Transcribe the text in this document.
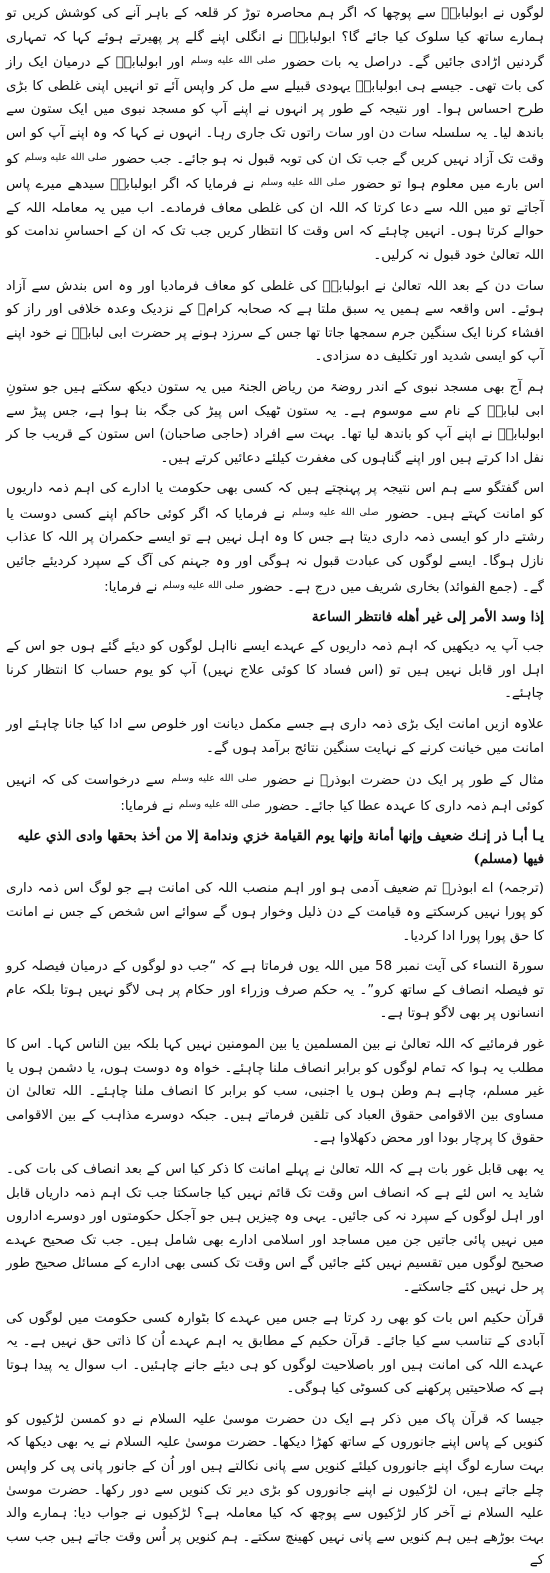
لوگوں نے ابولبابہؓ سے پوچھا کہ اگر ہم محاصرہ توڑ کر قلعہ کے باہر آنے کی کوشش کریں تو ہمارے ساتھ کیا سلوک کیا جائے گا؟ ابولبابہؓ نے انگلی اپنے گلے پر پھیرتے ہوئے کہا کہ تمہاری گردنیں اڑادی جائیں گے۔ دراصل یہ بات حضور $^{صلى الله عليه وسلم}$ اور ابولبابہؓ کے درمیان ایک راز کی بات تھی۔ جیسے ہی ابولبابہؓ یہودی قبیلے سے مل کر واپس آئے تو انہیں اپنی غلطی کا بڑی طرح احساس ہوا۔ اور نتیجہ کے طور پر انہوں نے اپنے آپ کو مسجد نبوی میں ایک ستون سے باندھ لیا۔ یہ سلسلہ سات دن اور سات راتوں تک جاری رہا۔ انہوں نے کہا کہ وہ اپنے آپ کو اس وقت تک آزاد نہیں کریں گے جب تک ان کی توبہ قبول نہ ہو جائے۔ جب حضور $^{صلى الله عليه وسلم}$ کو اس بارے میں معلوم ہوا تو حضور $^{صلى الله عليه وسلم}$ نے فرمایا کہ اگر ابولبابہؓ سیدھے میرے پاس آجاتے تو میں اللہ سے دعا کرتا کہ اللہ ان کی غلطی معاف فرمادے۔ اب میں یہ معاملہ اللہ کے حوالے کرتا ہوں۔ انہیں چاہئے کہ اس وقت کا انتظار کریں جب تک کہ ان کے احساسِ ندامت کو اللہ تعالیٰ خود قبول نہ کرلیں۔

سات دن کے بعد اللہ تعالیٰ نے ابولبابہؓ کی غلطی کو معاف فرمادیا اور وہ اس بندش سے آزاد ہوئے۔ اس واقعہ سے ہمیں یہ سبق ملتا ہے کہ صحابہ کرامؓ کے نزدیک وعدہ خلافی اور راز کو افشاء کرنا ایک سنگین جرم سمجھا جاتا تھا جس کے سرزد ہونے پر حضرت ابی لبابہؓ نے خود اپنے آپ کو ایسی شدید اور تکلیف دہ سزادی۔

ہم آج بھی مسجد نبوی کے اندر روضۃ من ریاض الجنۃ میں یہ ستون دیکھ سکتے ہیں جو ستونِ ابی لبابہؓ کے نام سے موسوم ہے۔ یہ ستون ٹھیک اس پیڑ کی جگہ بنا ہوا ہے، جس پیڑ سے ابولبابہؓ نے اپنے آپ کو باندھ لیا تھا۔ بہت سے افراد (حاجی صاحبان) اس ستون کے قریب جا کر نفل ادا کرتے ہیں اور اپنے گناہوں کی مغفرت کیلئے دعائیں کرتے ہیں۔

اس گفتگو سے ہم اس نتیجہ پر پہنچتے ہیں کہ کسی بھی حکومت یا ادارے کی اہم ذمہ داریوں کو امانت کہتے ہیں۔ حضور $^{صلى الله عليه وسلم}$ نے فرمایا کہ اگر کوئی حاکم اپنے کسی دوست یا رشتے دار کو ایسی ذمہ داری دیتا ہے جس کا وہ اہل نہیں ہے تو ایسے حکمران پر اللہ کا عذاب نازل ہوگا۔ ایسے لوگوں کی عبادت قبول نہ ہوگی اور وہ جہنم کی آگ کے سپرد کردیئے جائیں گے۔ (جمع الفوائد) بخاری شریف میں درج ہے۔ حضور $^{صلى الله عليه وسلم}$ نے فرمایا:

إذا وسد الأمر إلى غير أهله فانتظر الساعة

جب آپ یہ دیکھیں کہ اہم ذمہ داریوں کے عہدے ایسے نااہل لوگوں کو دیئے گئے ہوں جو اس کے اہل اور قابل نہیں ہیں تو (اس فساد کا کوئی علاج نہیں) آپ کو یوم حساب کا انتظار کرنا چاہئے۔

علاوہ ازیں امانت ایک بڑی ذمہ داری ہے جسے مکمل دیانت اور خلوص سے ادا کیا جانا چاہئے اور امانت میں خیانت کرنے کے نہایت سنگین نتائج برآمد ہوں گے۔

مثال کے طور پر ایک دن حضرت ابوذرؓ نے حضور $^{صلى الله عليه وسلم}$ سے درخواست کی کہ انہیں کوئی اہم ذمہ داری کا عہدہ عطا کیا جائے۔ حضور $^{صلى الله عليه وسلم}$ نے فرمایا:

يـا أبـا ذر إنـك ضعيف وإنها أمانة وإنها يوم القيامة خزي وندامة إلا من أخذ بحقها وادى الذي عليه فيها (مسلم)

(ترجمہ) اے ابوذرؓ تم ضعیف آدمی ہو اور اہم منصب اللہ کی امانت ہے جو لوگ اس ذمہ داری کو پورا نہیں کرسکتے وہ قیامت کے دن ذلیل وخوار ہوں گے سوائے اس شخص کے جس نے امانت کا حق پورا پورا ادا کردیا۔

سورۃ النساء کی آیت نمبر 58 میں اللہ یوں فرماتا ہے کہ “جب دو لوگوں کے درمیان فیصلہ کرو تو فیصلہ انصاف کے ساتھ کرو”۔ یہ حکم صرف وزراء اور حکام پر ہی لاگو نہیں ہوتا بلکہ عام انسانوں پر بھی لاگو ہوتا ہے۔

غور فرمائیے کہ اللہ تعالیٰ نے بین المسلمین یا بین المومنین نہیں کہا بلکہ بین الناس کہا۔ اس کا مطلب یہ ہوا کہ تمام لوگوں کو برابر انصاف ملنا چاہئے۔ خواہ وہ دوست ہوں، یا دشمن ہوں یا غیر مسلم، چاہے ہم وطن ہوں یا اجنبی، سب کو برابر کا انصاف ملنا چاہئے۔ اللہ تعالیٰ ان مساوی بین الاقوامی حقوق العباد کی تلقین فرماتے ہیں۔ جبکہ دوسرے مذاہب کے بین الاقوامی حقوق کا پرچار بودا اور محض دکھلاوا ہے۔

یہ بھی قابل غور بات ہے کہ اللہ تعالیٰ نے پہلے امانت کا ذکر کیا اس کے بعد انصاف کی بات کی۔ شاید یہ اس لئے ہے کہ انصاف اس وقت تک قائم نہیں کیا جاسکتا جب تک اہم ذمہ داریاں قابل اور اہل لوگوں کے سپرد نہ کی جائیں۔ یہی وہ چیزیں ہیں جو آجکل حکومتوں اور دوسرے اداروں میں نہیں پائی جاتیں جن میں مساجد اور اسلامی ادارے بھی شامل ہیں۔ جب تک صحیح عہدے صحیح لوگوں میں تقسیم نہیں کئے جائیں گے اس وقت تک کسی بھی ادارے کے مسائل صحیح طور پر حل نہیں کئے جاسکتے۔

قرآن حکیم اس بات کو بھی رد کرتا ہے جس میں عہدے کا بٹوارہ کسی حکومت میں لوگوں کی آبادی کے تناسب سے کیا جائے۔ قرآن حکیم کے مطابق یہ اہم عہدے اُن کا ذاتی حق نہیں ہے۔ یہ عہدے اللہ کی امانت ہیں اور باصلاحیت لوگوں کو ہی دیئے جانے چاہئیں۔ اب سوال یہ پیدا ہوتا ہے کہ صلاحیتیں پرکھنے کی کسوٹی کیا ہوگی۔

جیسا کہ قرآن پاک میں ذکر ہے ایک دن حضرت موسیٰ علیہ السلام نے دو کمسن لڑکیوں کو کنویں کے پاس اپنے جانوروں کے ساتھ کھڑا دیکھا۔ حضرت موسیٰ علیہ السلام نے یہ بھی دیکھا کہ بہت سارے لوگ اپنے جانوروں کیلئے کنویں سے پانی نکالتے ہیں اور اُن کے جانور پانی پی کر واپس چلے جاتے ہیں، ان لڑکیوں نے اپنے جانوروں کو بڑی دیر تک کنویں سے دور رکھا۔ حضرت موسیٰ علیہ السلام نے آخر کار لڑکیوں سے پوچھ کہ کیا معاملہ ہے؟ لڑکیوں نے جواب دیا: ہمارے والد بہت بوڑھے ہیں ہم کنویں سے پانی نہیں کھینچ سکتے۔ ہم کنویں پر اُس وقت جاتے ہیں جب سب کے
